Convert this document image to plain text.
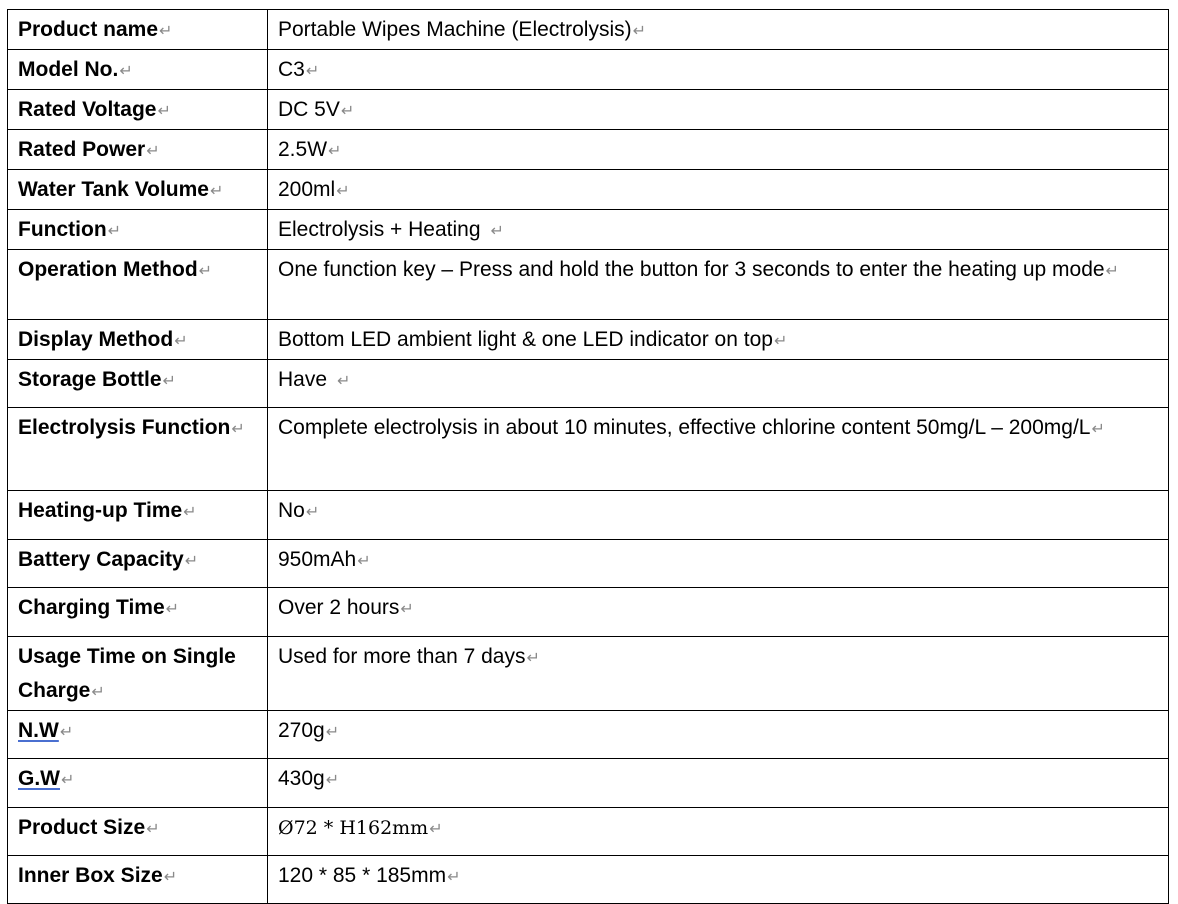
Product name↵	Portable Wipes Machine (Electrolysis)↵
Model No.↵	C3↵
Rated Voltage↵	DC 5V↵
Rated Power↵	2.5W↵
Water Tank Volume↵	200ml↵
Function↵	Electrolysis + Heating ↵
Operation Method↵	One function key – Press and hold the button for 3 seconds to enter the heating up mode↵
Display Method↵	Bottom LED ambient light & one LED indicator on top↵
Storage Bottle↵	Have ↵
Electrolysis Function↵	Complete electrolysis in about 10 minutes, effective chlorine content 50mg/L – 200mg/L↵
Heating-up Time↵	No↵
Battery Capacity↵	950mAh↵
Charging Time↵	Over 2 hours↵
Usage Time on Single Charge↵	Used for more than 7 days↵
N.W↵	270g↵
G.W↵	430g↵
Product Size↵	Ø72 * H162mm↵
Inner Box Size↵	120 * 85 * 185mm↵
